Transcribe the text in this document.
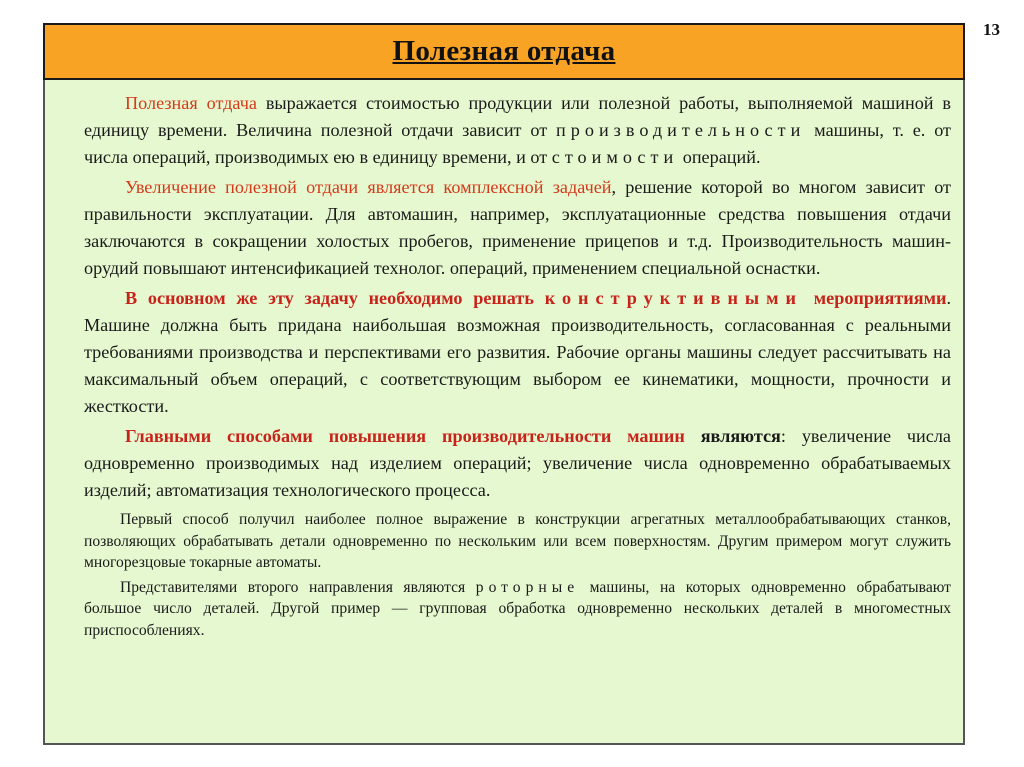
13
Полезная отдача

Полезная отдача выражается стоимостью продукции или полезной работы, выполняемой машиной в единицу времени. Величина полезной отдачи зависит от производительности машины, т. е. от числа операций, производимых ею в единицу времени, и от стоимости операций.

Увеличение полезной отдачи является комплексной задачей, решение которой во многом зависит от правильности эксплуатации. Для автомашин, например, эксплуатационные средства повышения отдачи заключаются в сокращении холостых пробегов, применение прицепов и т.д. Производительность машин-орудий повышают интенсификацией технолог. операций, применением специальной оснастки.

В основном же эту задачу необходимо решать конструктивными мероприятиями. Машине должна быть придана наибольшая возможная производительность, согласованная с реальными требованиями производства и перспективами его развития. Рабочие органы машины следует рассчитывать на максимальный объем операций, с соответствующим выбором ее кинематики, мощности, прочности и жесткости.

Главными способами повышения производительности машин являются: увеличение числа одновременно производимых над изделием операций; увеличение числа одновременно обрабатываемых изделий; автоматизация технологического процесса.

Первый способ получил наиболее полное выражение в конструкции агрегатных металлообрабатывающих станков, позволяющих обрабатывать детали одновременно по нескольким или всем поверхностям. Другим примером могут служить многорезцовые токарные автоматы.

Представителями второго направления являются роторные машины, на которых одновременно обрабатывают большое число деталей. Другой пример — групповая обработка одновременно нескольких деталей в многоместных приспособлениях.
